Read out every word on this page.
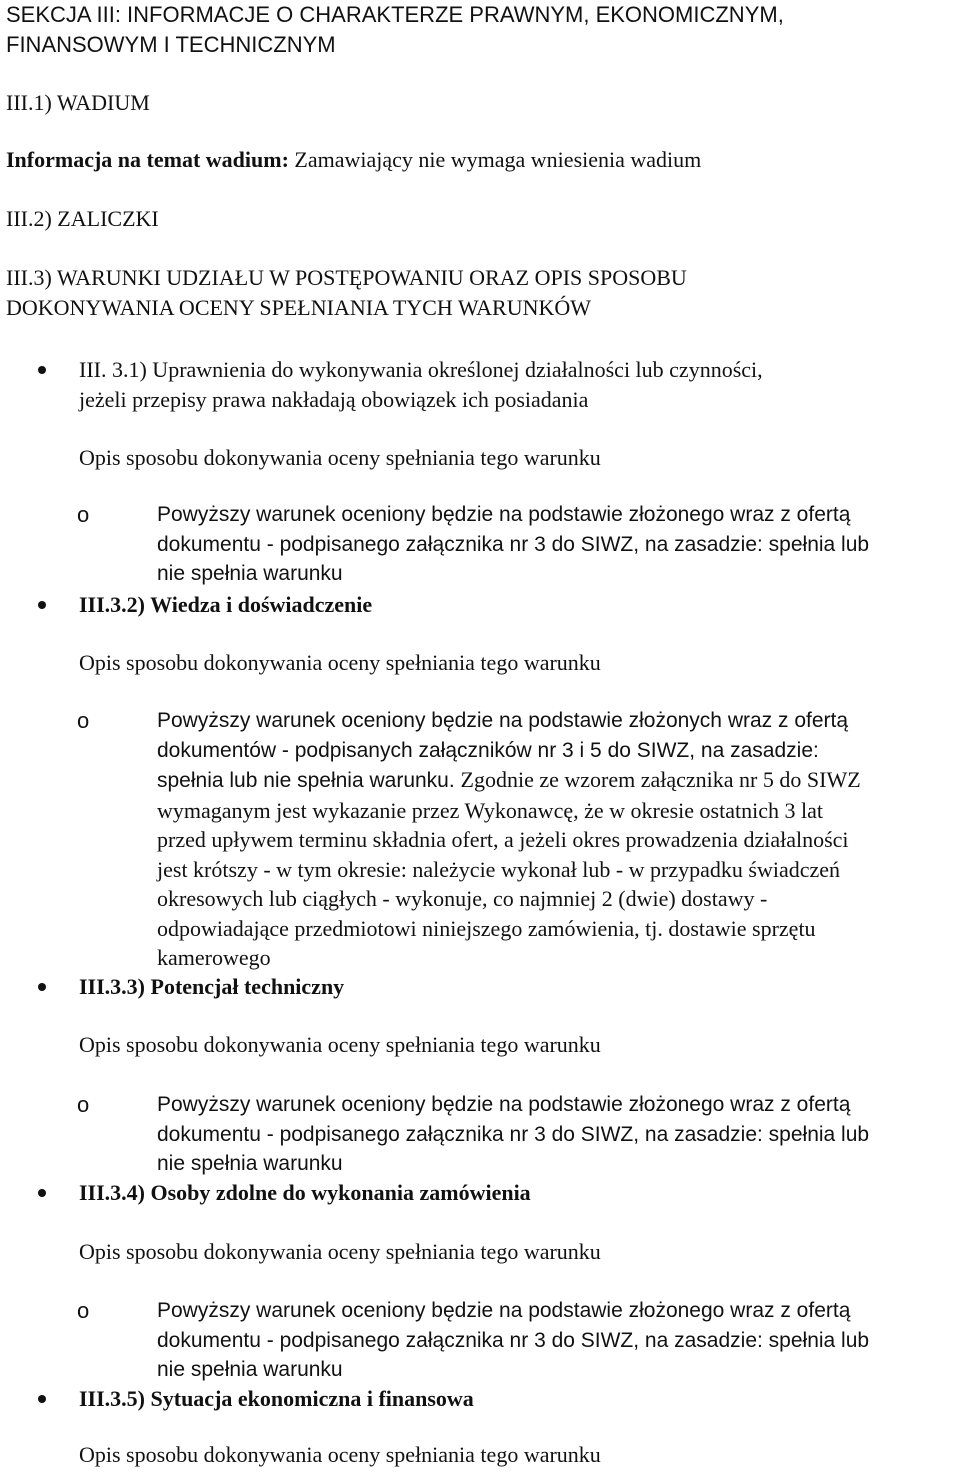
SEKCJA III: INFORMACJE O CHARAKTERZE PRAWNYM, EKONOMICZNYM,
FINANSOWYM I TECHNICZNYM
III.1) WADIUM
Informacja na temat wadium: Zamawiający nie wymaga wniesienia wadium
III.2) ZALICZKI
III.3) WARUNKI UDZIAŁU W POSTĘPOWANIU ORAZ OPIS SPOSOBU
DOKONYWANIA OCENY SPEŁNIANIA TYCH WARUNKÓW
III. 3.1) Uprawnienia do wykonywania określonej działalności lub czynności,
jeżeli przepisy prawa nakładają obowiązek ich posiadania
Opis sposobu dokonywania oceny spełniania tego warunku
o	Powyższy warunek oceniony będzie na podstawie złożonego wraz z ofertą
dokumentu - podpisanego załącznika nr 3 do SIWZ, na zasadzie: spełnia lub
nie spełnia warunku
III.3.2) Wiedza i doświadczenie
Opis sposobu dokonywania oceny spełniania tego warunku
o	Powyższy warunek oceniony będzie na podstawie złożonych wraz z ofertą
dokumentów - podpisanych załączników nr 3 i 5 do SIWZ, na zasadzie:
spełnia lub nie spełnia warunku. Zgodnie ze wzorem załącznika nr 5 do SIWZ
wymaganym jest wykazanie przez Wykonawcę, że w okresie ostatnich 3 lat
przed upływem terminu składnia ofert, a jeżeli okres prowadzenia działalności
jest krótszy - w tym okresie: należycie wykonał lub - w przypadku świadczeń
okresowych lub ciągłych - wykonuje, co najmniej 2 (dwie) dostawy -
odpowiadające przedmiotowi niniejszego zamówienia, tj. dostawie sprzętu
kamerowego
III.3.3) Potencjał techniczny
Opis sposobu dokonywania oceny spełniania tego warunku
o	Powyższy warunek oceniony będzie na podstawie złożonego wraz z ofertą
dokumentu - podpisanego załącznika nr 3 do SIWZ, na zasadzie: spełnia lub
nie spełnia warunku
III.3.4) Osoby zdolne do wykonania zamówienia
Opis sposobu dokonywania oceny spełniania tego warunku
o	Powyższy warunek oceniony będzie na podstawie złożonego wraz z ofertą
dokumentu - podpisanego załącznika nr 3 do SIWZ, na zasadzie: spełnia lub
nie spełnia warunku
III.3.5) Sytuacja ekonomiczna i finansowa
Opis sposobu dokonywania oceny spełniania tego warunku
